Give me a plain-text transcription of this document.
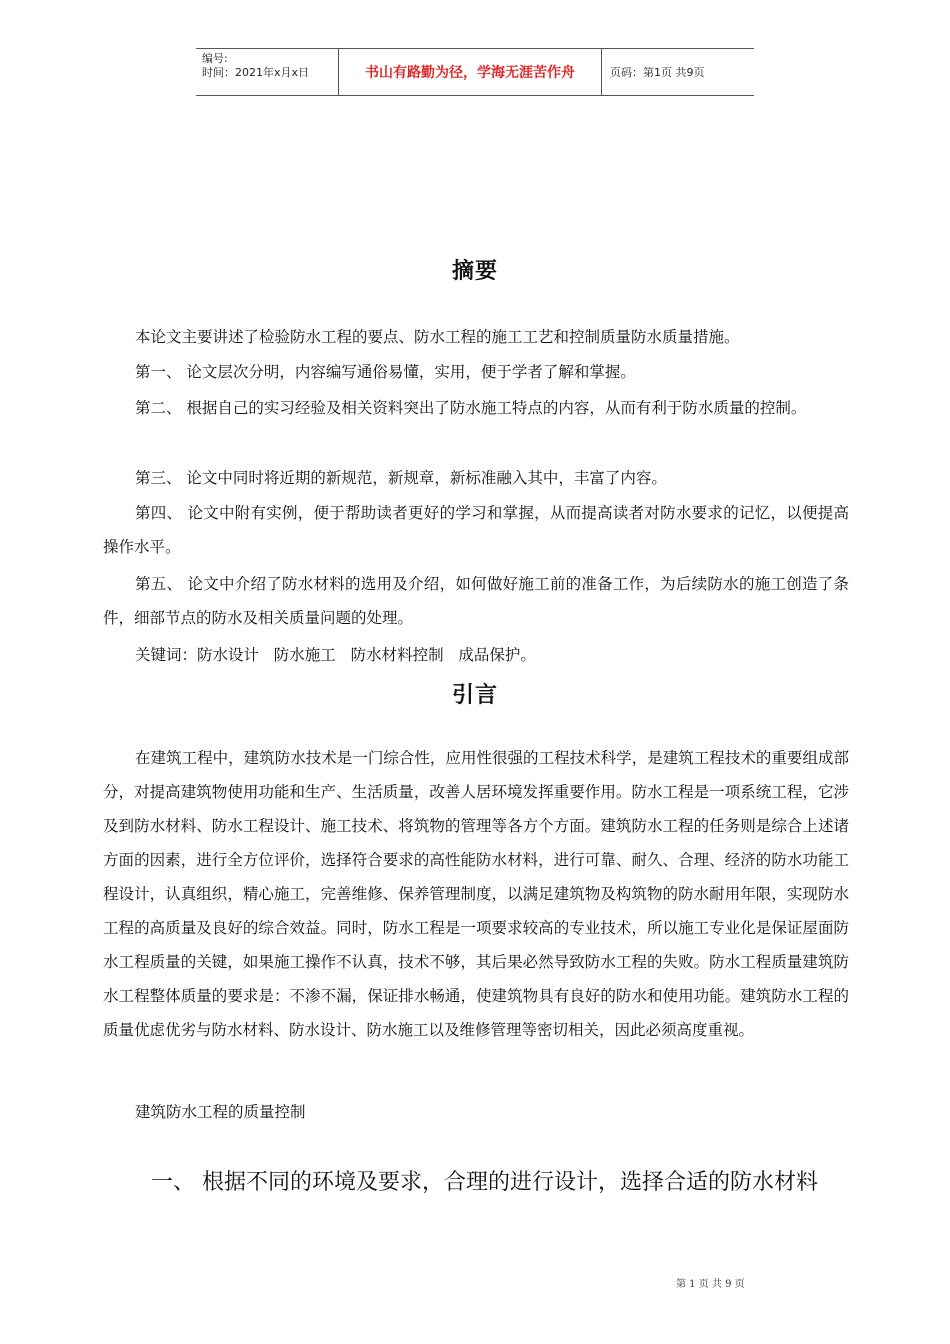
编号:
时间：2021年x月x日	书山有路勤为径，学海无涯苦作舟	页码：第1页 共9页
摘要

本论文主要讲述了检验防水工程的要点、防水工程的施工工艺和控制质量防水质量措施。

第一、 论文层次分明，内容编写通俗易懂，实用，便于学者了解和掌握。

第二、 根据自己的实习经验及相关资料突出了防水施工特点的内容，从而有利于防水质量的控制。

第三、 论文中同时将近期的新规范，新规章，新标准融入其中，丰富了内容。

第四、 论文中附有实例，便于帮助读者更好的学习和掌握，从而提高读者对防水要求的记忆，以便提高操作水平。

第五、 论文中介绍了防水材料的选用及介绍，如何做好施工前的准备工作，为后续防水的施工创造了条件，细部节点的防水及相关质量问题的处理。

关键词：防水设计   防水施工   防水材料控制   成品保护。

引言

在建筑工程中，建筑防水技术是一门综合性，应用性很强的工程技术科学，是建筑工程技术的重要组成部分，对提高建筑物使用功能和生产、生活质量，改善人居环境发挥重要作用。防水工程是一项系统工程，它涉及到防水材料、防水工程设计、施工技术、将筑物的管理等各方个方面。建筑防水工程的任务则是综合上述诸方面的因素，进行全方位评价，选择符合要求的高性能防水材料，进行可靠、耐久、合理、经济的防水功能工程设计，认真组织，精心施工，完善维修、保养管理制度，以满足建筑物及构筑物的防水耐用年限，实现防水工程的高质量及良好的综合效益。同时，防水工程是一项要求较高的专业技术，所以施工专业化是保证屋面防水工程质量的关键，如果施工操作不认真，技术不够，其后果必然导致防水工程的失败。防水工程质量建筑防水工程整体质量的要求是：不渗不漏，保证排水畅通，使建筑物具有良好的防水和使用功能。建筑防水工程的质量优虑优劣与防水材料、防水设计、防水施工以及维修管理等密切相关，因此必须高度重视。

建筑防水工程的质量控制

一、 根据不同的环境及要求，合理的进行设计，选择合适的防水材料

第 1 页 共 9 页
